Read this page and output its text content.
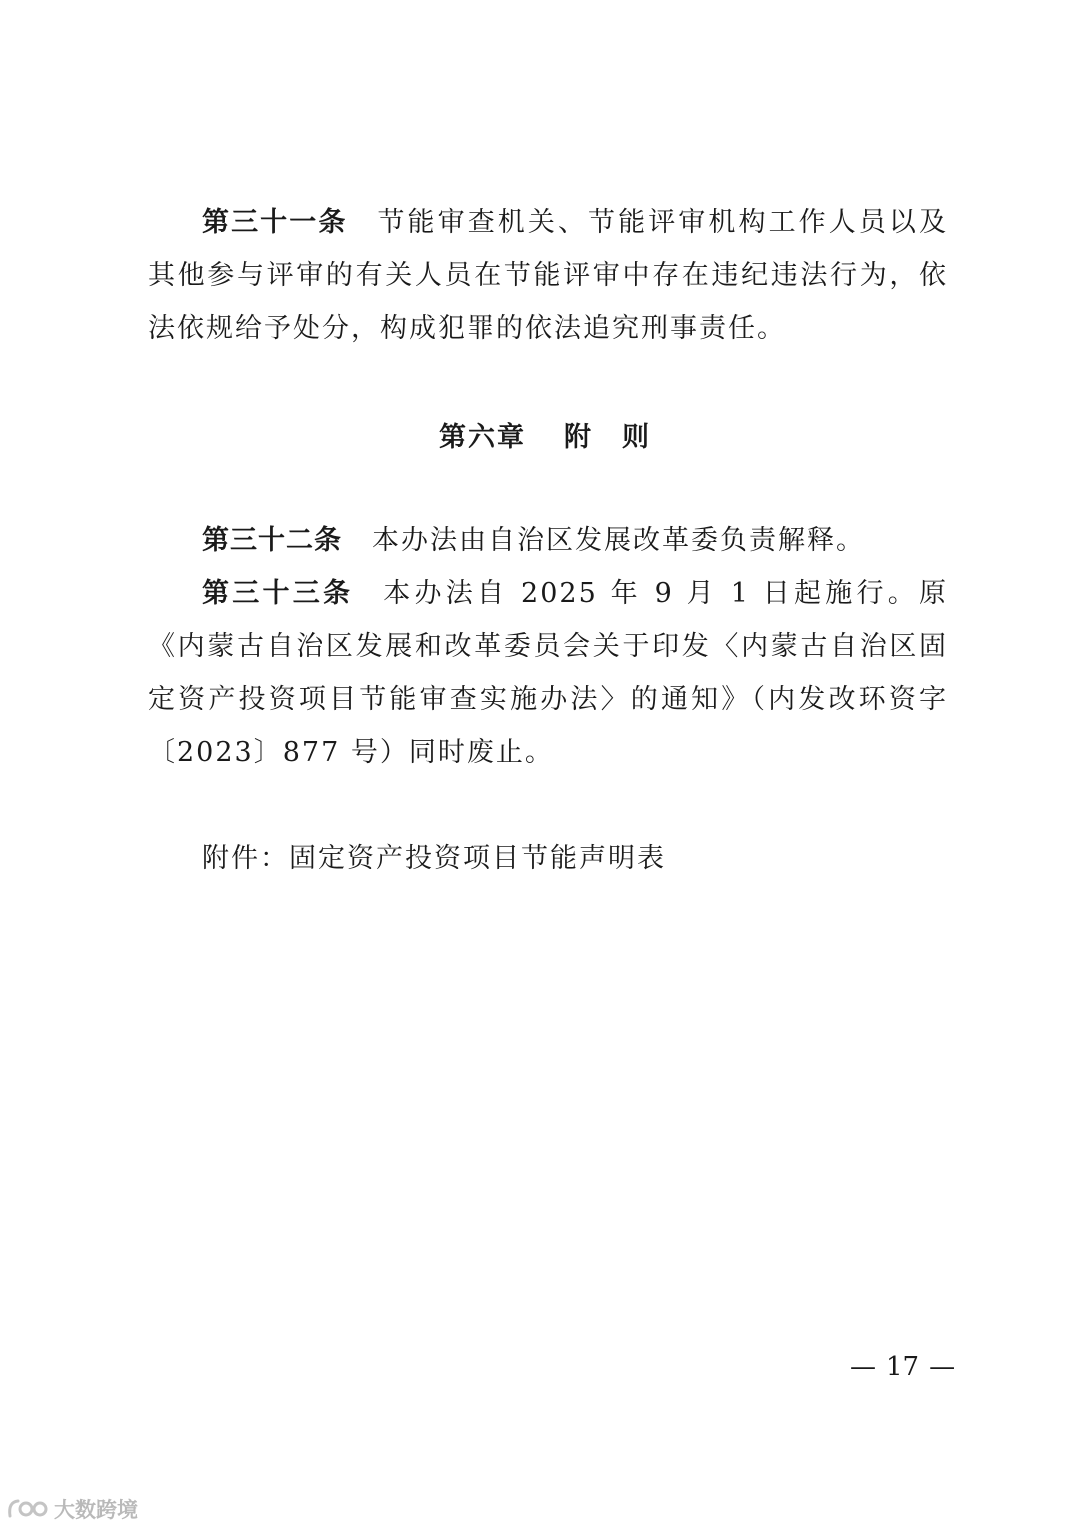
第三十一条 节能审查机关、节能评审机构工作人员以及其他参与评审的有关人员在节能评审中存在违纪违法行为，依法依规给予处分，构成犯罪的依法追究刑事责任。

第六章 附　则

第三十二条 本办法由自治区发展改革委负责解释。

第三十三条 本办法自 2025 年 9 月 1 日起施行。原《内蒙古自治区发展和改革委员会关于印发〈内蒙古自治区固定资产投资项目节能审查实施办法〉的通知》（内发改环资字〔2023〕877 号）同时废止。

附件：固定资产投资项目节能声明表

— 17 —
大数跨境
